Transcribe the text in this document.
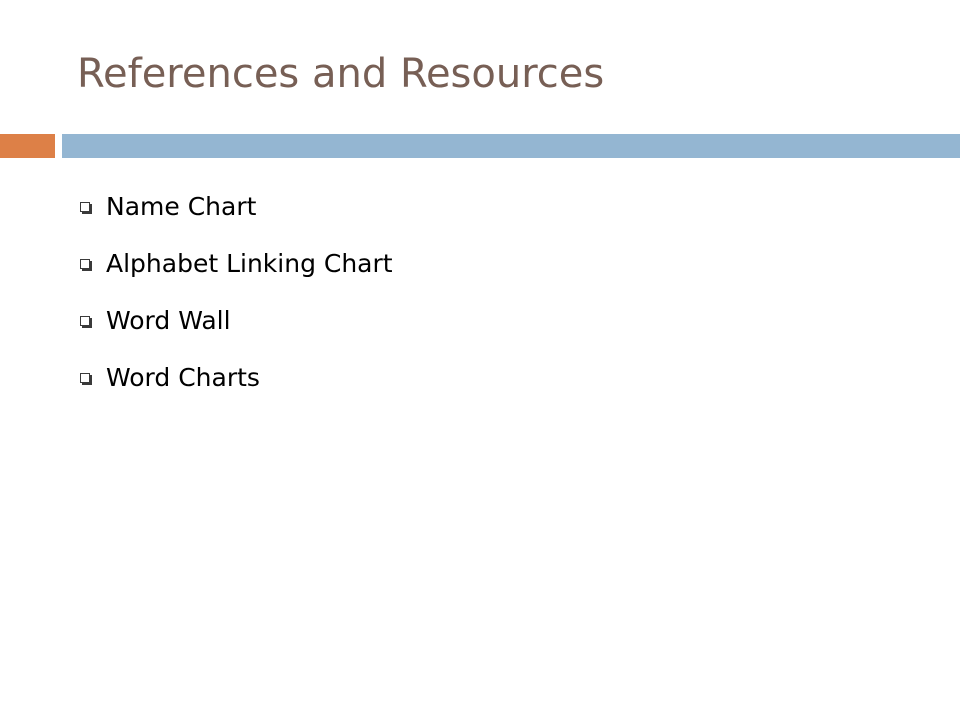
References and Resources
Name Chart
Alphabet Linking Chart
Word Wall
Word Charts
